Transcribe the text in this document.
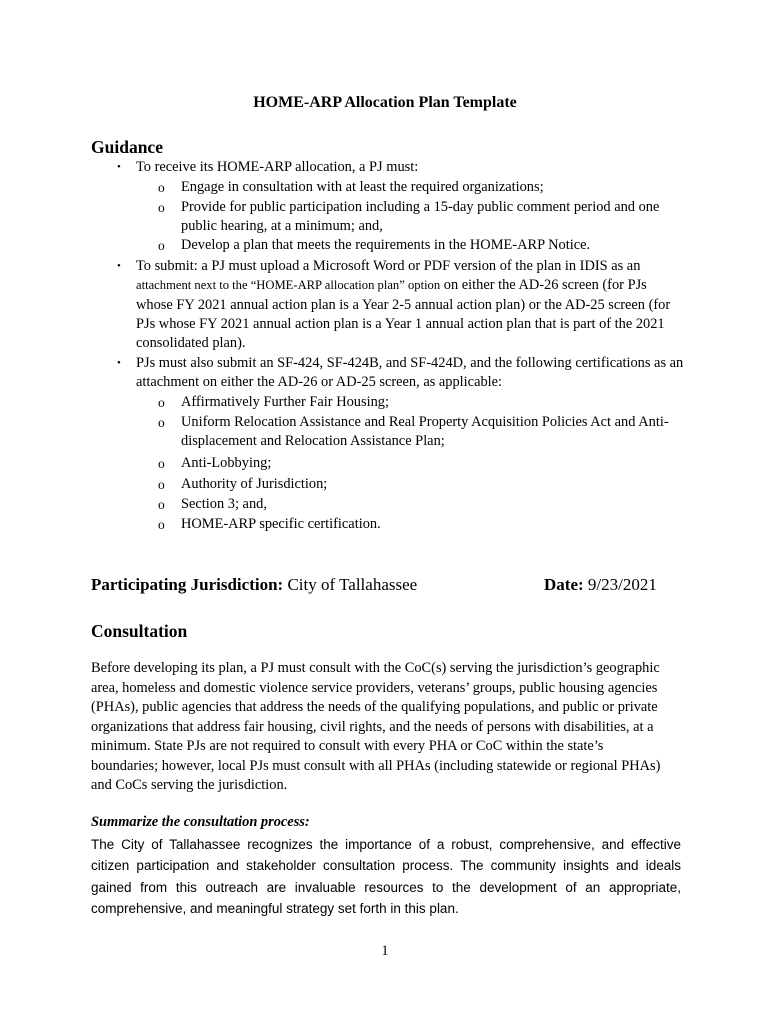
HOME-ARP Allocation Plan Template
Guidance
• To receive its HOME-ARP allocation, a PJ must:
o Engage in consultation with at least the required organizations;
o Provide for public participation including a 15-day public comment period and one public hearing, at a minimum; and,
o Develop a plan that meets the requirements in the HOME-ARP Notice.
• To submit: a PJ must upload a Microsoft Word or PDF version of the plan in IDIS as an attachment next to the “HOME-ARP allocation plan” option on either the AD-26 screen (for PJs whose FY 2021 annual action plan is a Year 2-5 annual action plan) or the AD-25 screen (for PJs whose FY 2021 annual action plan is a Year 1 annual action plan that is part of the 2021 consolidated plan).
• PJs must also submit an SF-424, SF-424B, and SF-424D, and the following certifications as an attachment on either the AD-26 or AD-25 screen, as applicable:
o Affirmatively Further Fair Housing;
o Uniform Relocation Assistance and Real Property Acquisition Policies Act and Anti-displacement and Relocation Assistance Plan;
o Anti-Lobbying;
o Authority of Jurisdiction;
o Section 3; and,
o HOME-ARP specific certification.
Participating Jurisdiction: City of Tallahassee	Date: 9/23/2021
Consultation
Before developing its plan, a PJ must consult with the CoC(s) serving the jurisdiction’s geographic area, homeless and domestic violence service providers, veterans’ groups, public housing agencies (PHAs), public agencies that address the needs of the qualifying populations, and public or private organizations that address fair housing, civil rights, and the needs of persons with disabilities, at a minimum. State PJs are not required to consult with every PHA or CoC within the state’s boundaries; however, local PJs must consult with all PHAs (including statewide or regional PHAs) and CoCs serving the jurisdiction.
Summarize the consultation process:
The City of Tallahassee recognizes the importance of a robust, comprehensive, and effective citizen participation and stakeholder consultation process. The community insights and ideals gained from this outreach are invaluable resources to the development of an appropriate, comprehensive, and meaningful strategy set forth in this plan.
1
